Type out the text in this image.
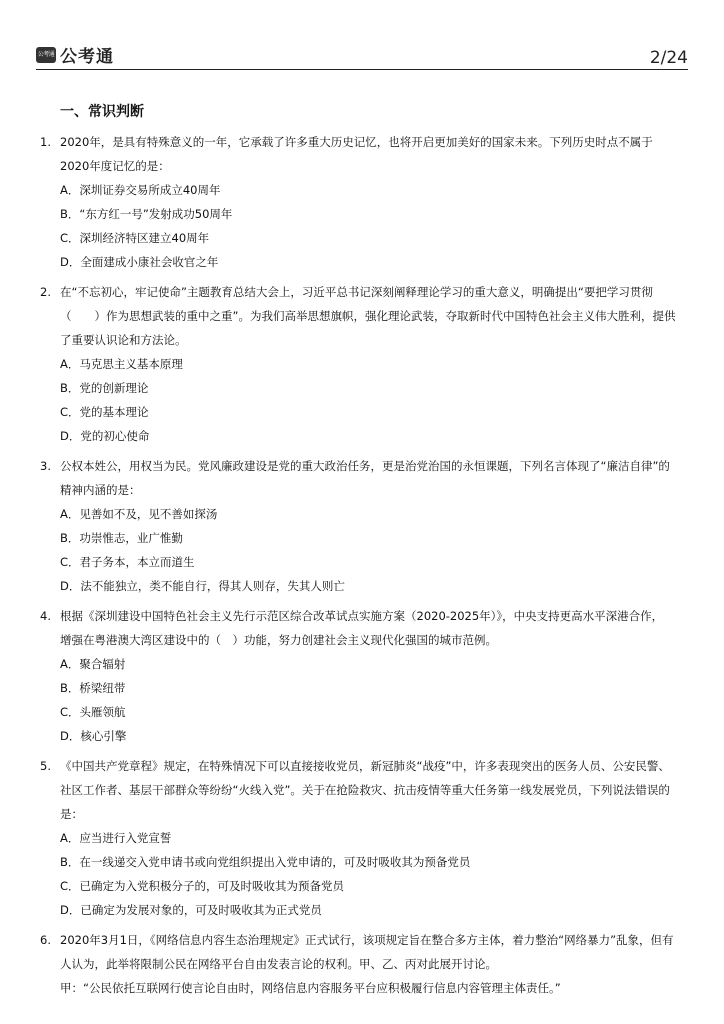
公考通 公考通	2/24
一、常识判断
1. 2020年，是具有特殊意义的一年，它承载了许多重大历史记忆，也将开启更加美好的国家未来。下列历史时点不属于
2020年度记忆的是：
A．深圳证券交易所成立40周年
B．“东方红一号”发射成功50周年
C．深圳经济特区建立40周年
D．全面建成小康社会收官之年
2. 在“不忘初心，牢记使命”主题教育总结大会上，习近平总书记深刻阐释理论学习的重大意义，明确提出“要把学习贯彻
（　　）作为思想武装的重中之重”。为我们高举思想旗帜，强化理论武装，夺取新时代中国特色社会主义伟大胜利，提供
了重要认识论和方法论。
A．马克思主义基本原理
B．党的创新理论
C．党的基本理论
D．党的初心使命
3. 公权本姓公，用权当为民。党风廉政建设是党的重大政治任务，更是治党治国的永恒课题，下列名言体现了“廉洁自律”的
精神内涵的是：
A．见善如不及，见不善如探汤
B．功崇惟志，业广惟勤
C．君子务本，本立而道生
D．法不能独立，类不能自行，得其人则存，失其人则亡
4. 根据《深圳建设中国特色社会主义先行示范区综合改革试点实施方案（2020-2025年）》，中央支持更高水平深港合作，
增强在粤港澳大湾区建设中的（　）功能，努力创建社会主义现代化强国的城市范例。
A．聚合辐射
B．桥梁纽带
C．头雁领航
D．核心引擎
5. 《中国共产党章程》规定，在特殊情况下可以直接接收党员，新冠肺炎“战疫”中，许多表现突出的医务人员、公安民警、
社区工作者、基层干部群众等纷纷“火线入党”。关于在抢险救灾、抗击疫情等重大任务第一线发展党员，下列说法错误的
是：
A．应当进行入党宣誓
B．在一线递交入党申请书或向党组织提出入党申请的，可及时吸收其为预备党员
C．已确定为入党积极分子的，可及时吸收其为预备党员
D．已确定为发展对象的，可及时吸收其为正式党员
6. 2020年3月1日，《网络信息内容生态治理规定》正式试行，该项规定旨在整合多方主体，着力整治“网络暴力”乱象，但有
人认为，此举将限制公民在网络平台自由发表言论的权利。甲、乙、丙对此展开讨论。
甲：“公民依托互联网行使言论自由时，网络信息内容服务平台应积极履行信息内容管理主体责任。”
